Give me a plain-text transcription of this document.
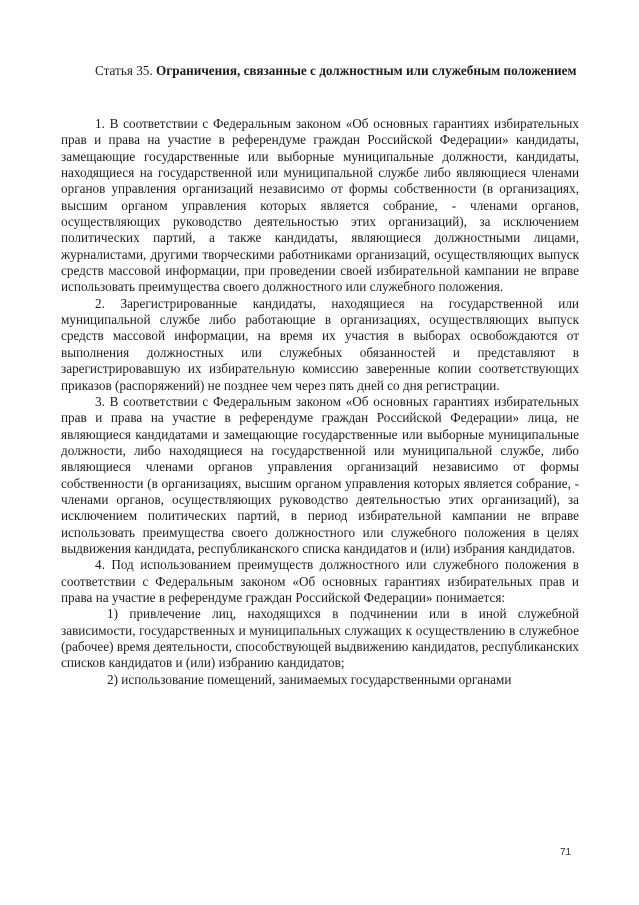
Статья 35. Ограничения, связанные с должностным или служебным положением

1. В соответствии с Федеральным законом «Об основных гарантиях избирательных прав и права на участие в референдуме граждан Российской Федерации» кандидаты, замещающие государственные или выборные муниципальные должности, кандидаты, находящиеся на государственной или муниципальной службе либо являющиеся членами органов управления организаций независимо от формы собственности (в организациях, высшим органом управления которых является собрание, - членами органов, осуществляющих руководство деятельностью этих организаций), за исключением политических партий, а также кандидаты, являющиеся должностными лицами, журналистами, другими творческими работниками организаций, осуществляющих выпуск средств массовой информации, при проведении своей избирательной кампании не вправе использовать преимущества своего должностного или служебного положения.

2. Зарегистрированные кандидаты, находящиеся на государственной или муниципальной службе либо работающие в организациях, осуществляющих выпуск средств массовой информации, на время их участия в выборах освобождаются от выполнения должностных или служебных обязанностей и представляют в зарегистрировавшую их избирательную комиссию заверенные копии соответствующих приказов (распоряжений) не позднее чем через пять дней со дня регистрации.

3. В соответствии с Федеральным законом «Об основных гарантиях избирательных прав и права на участие в референдуме граждан Российской Федерации» лица, не являющиеся кандидатами и замещающие государственные или выборные муниципальные должности, либо находящиеся на государственной или муниципальной службе, либо являющиеся членами органов управления организаций независимо от формы собственности (в организациях, высшим органом управления которых является собрание, - членами органов, осуществляющих руководство деятельностью этих организаций), за исключением политических партий, в период избирательной кампании не вправе использовать преимущества своего должностного или служебного положения в целях выдвижения кандидата, республиканского списка кандидатов и (или) избрания кандидатов.

4. Под использованием преимуществ должностного или служебного положения в соответствии с Федеральным законом «Об основных гарантиях избирательных прав и права на участие в референдуме граждан Российской Федерации» понимается:

1) привлечение лиц, находящихся в подчинении или в иной служебной зависимости, государственных и муниципальных служащих к осуществлению в служебное (рабочее) время деятельности, способствующей выдвижению кандидатов, республиканских списков кандидатов и (или) избранию кандидатов;

2) использование помещений, занимаемых государственными органами

71
